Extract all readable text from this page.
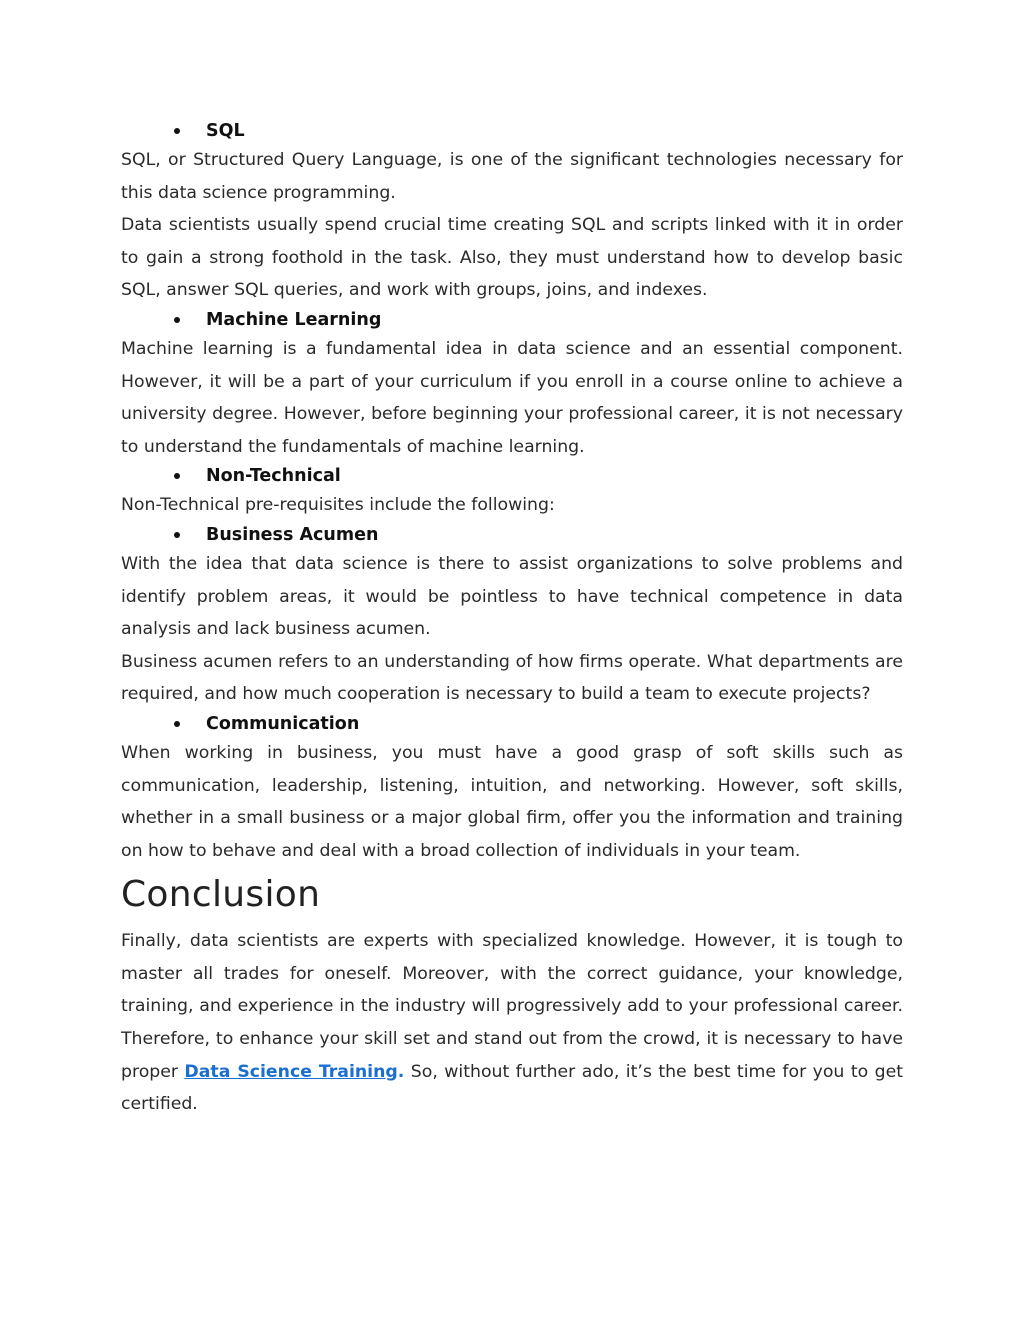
SQL

SQL, or Structured Query Language, is one of the significant technologies necessary for this data science programming.

Data scientists usually spend crucial time creating SQL and scripts linked with it in order to gain a strong foothold in the task. Also, they must understand how to develop basic SQL, answer SQL queries, and work with groups, joins, and indexes.

Machine Learning

Machine learning is a fundamental idea in data science and an essential component. However, it will be a part of your curriculum if you enroll in a course online to achieve a university degree. However, before beginning your professional career, it is not necessary to understand the fundamentals of machine learning.

Non-Technical

Non-Technical pre-requisites include the following:

Business Acumen

With the idea that data science is there to assist organizations to solve problems and identify problem areas, it would be pointless to have technical competence in data analysis and lack business acumen.

Business acumen refers to an understanding of how firms operate. What departments are required, and how much cooperation is necessary to build a team to execute projects?

Communication

When working in business, you must have a good grasp of soft skills such as communication, leadership, listening, intuition, and networking. However, soft skills, whether in a small business or a major global firm, offer you the information and training on how to behave and deal with a broad collection of individuals in your team.

Conclusion

Finally, data scientists are experts with specialized knowledge. However, it is tough to master all trades for oneself. Moreover, with the correct guidance, your knowledge, training, and experience in the industry will progressively add to your professional career. Therefore, to enhance your skill set and stand out from the crowd, it is necessary to have proper Data Science Training. So, without further ado, it’s the best time for you to get certified.
